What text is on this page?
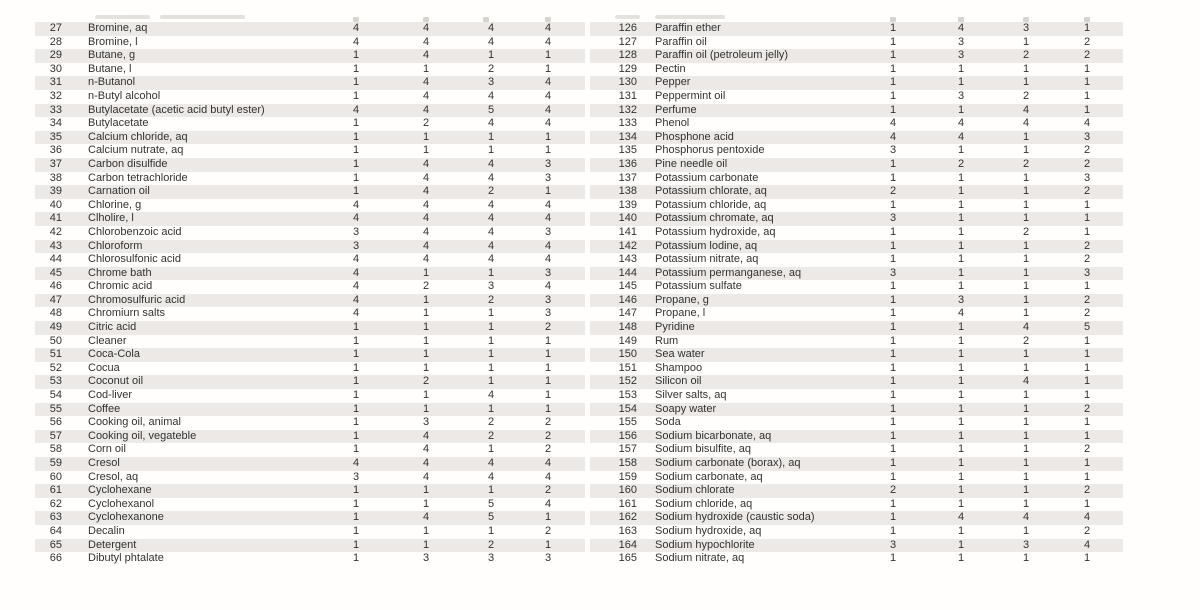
27	Bromine, aq	4	4	4	4
28	Bromine, l	4	4	4	4
29	Butane, g	1	4	1	1
30	Butane, l	1	1	2	1
31	n-Butanol	1	4	3	4
32	n-Butyl alcohol	1	4	4	4
33	Butylacetate (acetic acid butyl ester)	4	4	5	4
34	Butylacetate	1	2	4	4
35	Calcium chloride, aq	1	1	1	1
36	Calcium nutrate, aq	1	1	1	1
37	Carbon disulfide	1	4	4	3
38	Carbon tetrachloride	1	4	4	3
39	Carnation oil	1	4	2	1
40	Chlorine, g	4	4	4	4
41	Clholire, l	4	4	4	4
42	Chlorobenzoic acid	3	4	4	3
43	Chloroform	3	4	4	4
44	Chlorosulfonic acid	4	4	4	4
45	Chrome bath	4	1	1	3
46	Chromic acid	4	2	3	4
47	Chromosulfuric acid	4	1	2	3
48	Chromiurn salts	4	1	1	3
49	Citric acid	1	1	1	2
50	Cleaner	1	1	1	1
51	Coca-Cola	1	1	1	1
52	Cocua	1	1	1	1
53	Coconut oil	1	2	1	1
54	Cod-liver	1	1	4	1
55	Coffee	1	1	1	1
56	Cooking oil, animal	1	3	2	2
57	Cooking oil, vegateble	1	4	2	2
58	Corn oil	1	4	1	2
59	Cresol	4	4	4	4
60	Cresol, aq	3	4	4	4
61	Cyclohexane	1	1	1	2
62	Cyclohexanol	1	1	5	4
63	Cyclohexanone	1	4	5	1
64	Decalin	1	1	1	2
65	Detergent	1	1	2	1
66	Dibutyl phtalate	1	3	3	3
126	Paraffin ether	1	4	3	1
127	Paraffin oil	1	3	1	2
128	Paraffin oil (petroleum jelly)	1	3	2	2
129	Pectin	1	1	1	1
130	Pepper	1	1	1	1
131	Peppermint oil	1	3	2	1
132	Perfume	1	1	4	1
133	Phenol	4	4	4	4
134	Phosphone acid	4	4	1	3
135	Phosphorus pentoxide	3	1	1	2
136	Pine needle oil	1	2	2	2
137	Potassium carbonate	1	1	1	3
138	Potassium chlorate, aq	2	1	1	2
139	Potassium chloride, aq	1	1	1	1
140	Potassium chromate, aq	3	1	1	1
141	Potassium hydroxide, aq	1	1	2	1
142	Potassium lodine, aq	1	1	1	2
143	Potassium nitrate, aq	1	1	1	2
144	Potassium permanganese, aq	3	1	1	3
145	Potassium sulfate	1	1	1	1
146	Propane, g	1	3	1	2
147	Propane, l	1	4	1	2
148	Pyridine	1	1	4	5
149	Rum	1	1	2	1
150	Sea water	1	1	1	1
151	Shampoo	1	1	1	1
152	Silicon oil	1	1	4	1
153	Silver salts, aq	1	1	1	1
154	Soapy water	1	1	1	2
155	Soda	1	1	1	1
156	Sodium bicarbonate, aq	1	1	1	1
157	Sodium bisulfite, aq	1	1	1	2
158	Sodium carbonate (borax), aq	1	1	1	1
159	Sodium carbonate, aq	1	1	1	1
160	Sodium chlorate	2	1	1	2
161	Sodium chloride, aq	1	1	1	1
162	Sodium hydroxide (caustic soda)	1	4	4	4
163	Sodium hydroxide, aq	1	1	1	2
164	Sodium hypochlorite	3	1	3	4
165	Sodium nitrate, aq	1	1	1	1
